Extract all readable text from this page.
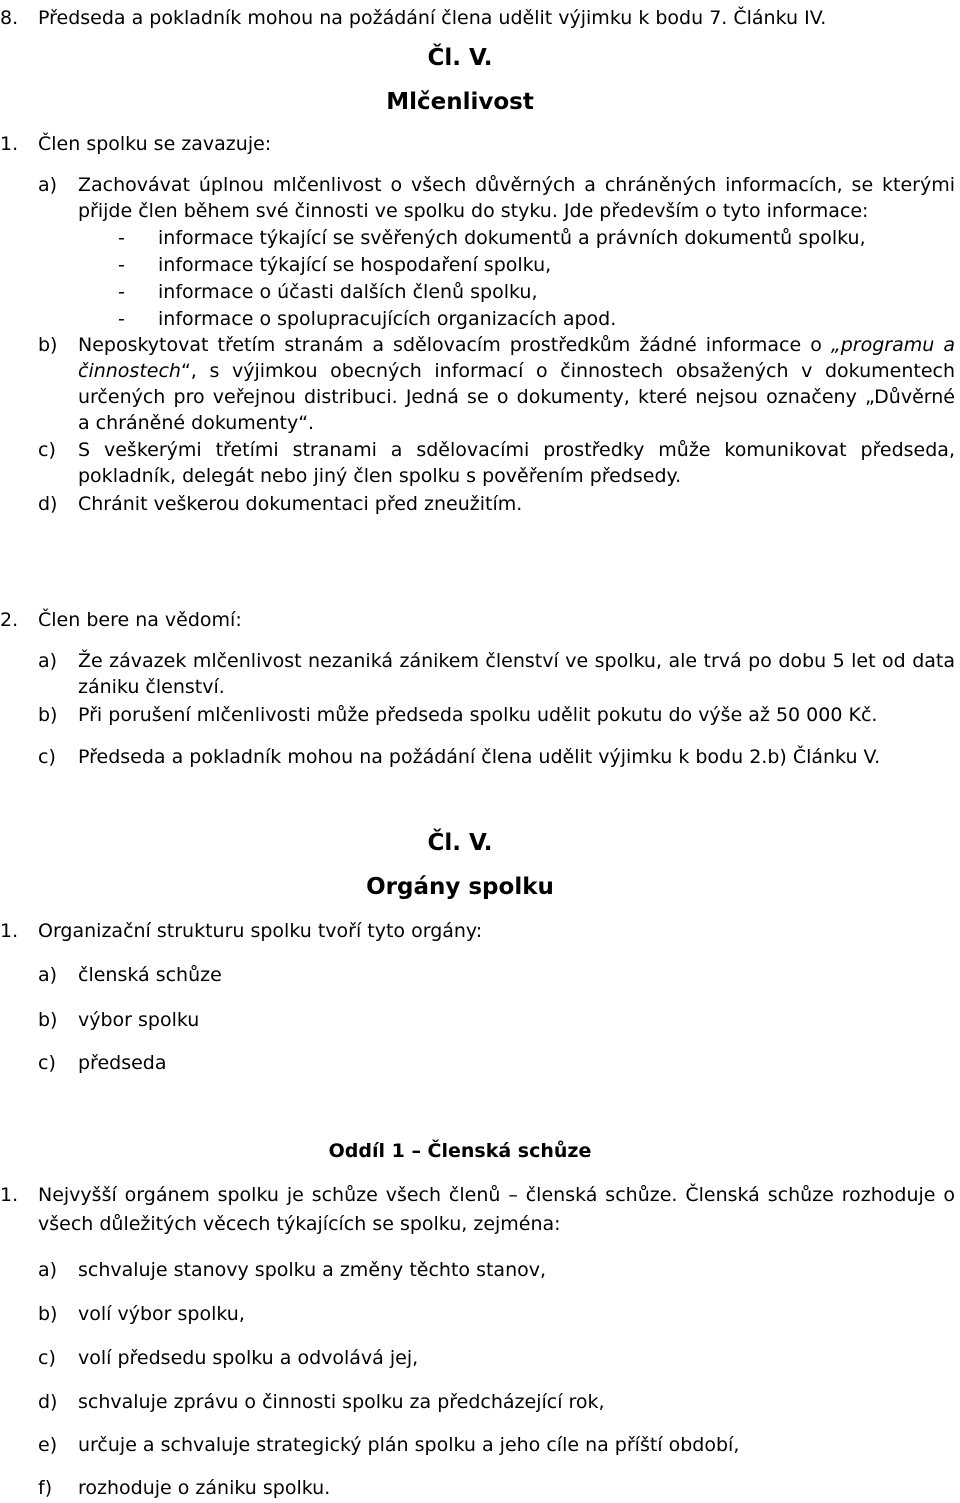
8. Předseda a pokladník mohou na požádání člena udělit výjimku k bodu 7. Článku IV.
Čl. V.
Mlčenlivost
1. Člen spolku se zavazuje:
a) Zachovávat úplnou mlčenlivost o všech důvěrných a chráněných informacích, se kterými
přijde člen během své činnosti ve spolku do styku. Jde především o tyto informace:
- informace týkající se svěřených dokumentů a právních dokumentů spolku,
- informace týkající se hospodaření spolku,
- informace o účasti dalších členů spolku,
- informace o spolupracujících organizacích apod.
b) Neposkytovat třetím stranám a sdělovacím prostředkům žádné informace o „programu a
činnostech“, s výjimkou obecných informací o činnostech obsažených v dokumentech
určených pro veřejnou distribuci. Jedná se o dokumenty, které nejsou označeny „Důvěrné
a chráněné dokumenty“.
c) S veškerými třetími stranami a sdělovacími prostředky může komunikovat předseda,
pokladník, delegát nebo jiný člen spolku s pověřením předsedy.
d) Chránit veškerou dokumentaci před zneužitím.
2. Člen bere na vědomí:
a) Že závazek mlčenlivost nezaniká zánikem členství ve spolku, ale trvá po dobu 5 let od data
zániku členství.
b) Při porušení mlčenlivosti může předseda spolku udělit pokutu do výše až 50 000 Kč.
c) Předseda a pokladník mohou na požádání člena udělit výjimku k bodu 2.b) Článku V.
Čl. V.
Orgány spolku
1. Organizační strukturu spolku tvoří tyto orgány:
a) členská schůze
b) výbor spolku
c) předseda
Oddíl 1 – Členská schůze
1. Nejvyšší orgánem spolku je schůze všech členů – členská schůze. Členská schůze rozhoduje o
všech důležitých věcech týkajících se spolku, zejména:
a) schvaluje stanovy spolku a změny těchto stanov,
b) volí výbor spolku,
c) volí předsedu spolku a odvolává jej,
d) schvaluje zprávu o činnosti spolku za předcházející rok,
e) určuje a schvaluje strategický plán spolku a jeho cíle na příští období,
f) rozhoduje o zániku spolku.
